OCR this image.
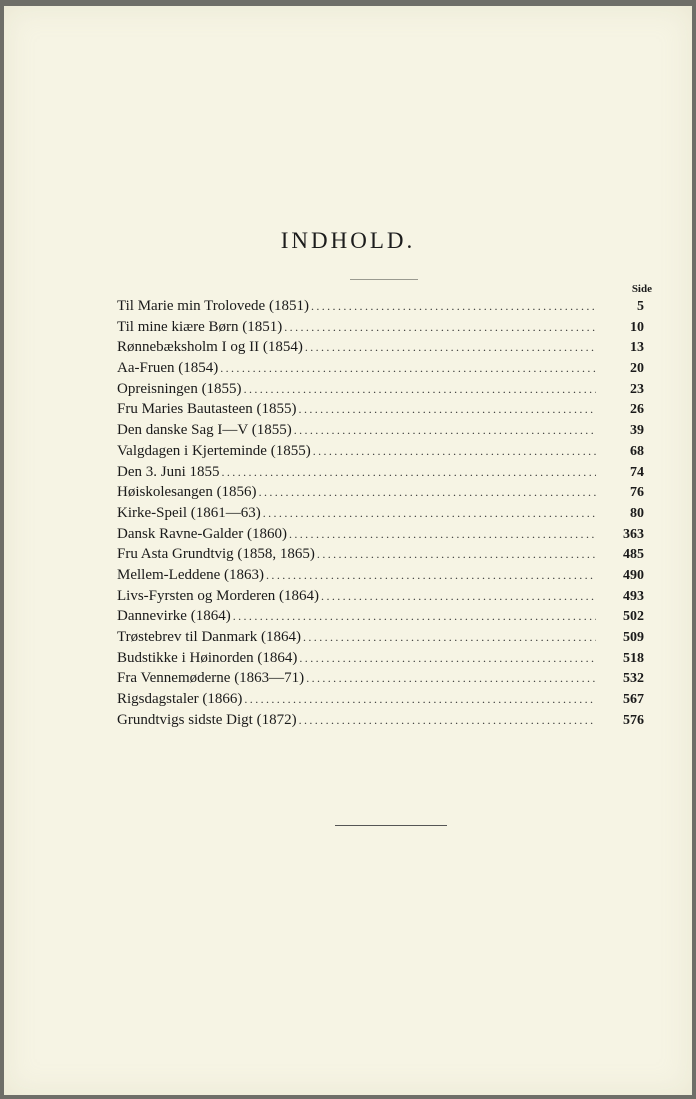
INDHOLD.
Side
Til Marie min Trolovede (1851) .....	5
Til mine kiære Børn (1851) .....	10
Rønnebæksholm I og II (1854) .....	13
Aa-Fruen (1854) .....	20
Opreisningen (1855) .....	23
Fru Maries Bautasteen (1855) .....	26
Den danske Sag I—V (1855) .....	39
Valgdagen i Kjerteminde (1855) .....	68
Den 3. Juni 1855 .....	74
Høiskolesangen (1856) .....	76
Kirke-Speil (1861—63) .....	80
Dansk Ravne-Galder (1860) .....	363
Fru Asta Grundtvig (1858, 1865) .....	485
Mellem-Leddene (1863) .....	490
Livs-Fyrsten og Morderen (1864) .....	493
Dannevirke (1864) .....	502
Trøstebrev til Danmark (1864) .....	509
Budstikke i Høinorden (1864) .....	518
Fra Vennemøderne (1863—71) .....	532
Rigsdagstaler (1866) .....	567
Grundtvigs sidste Digt (1872) .....	576
